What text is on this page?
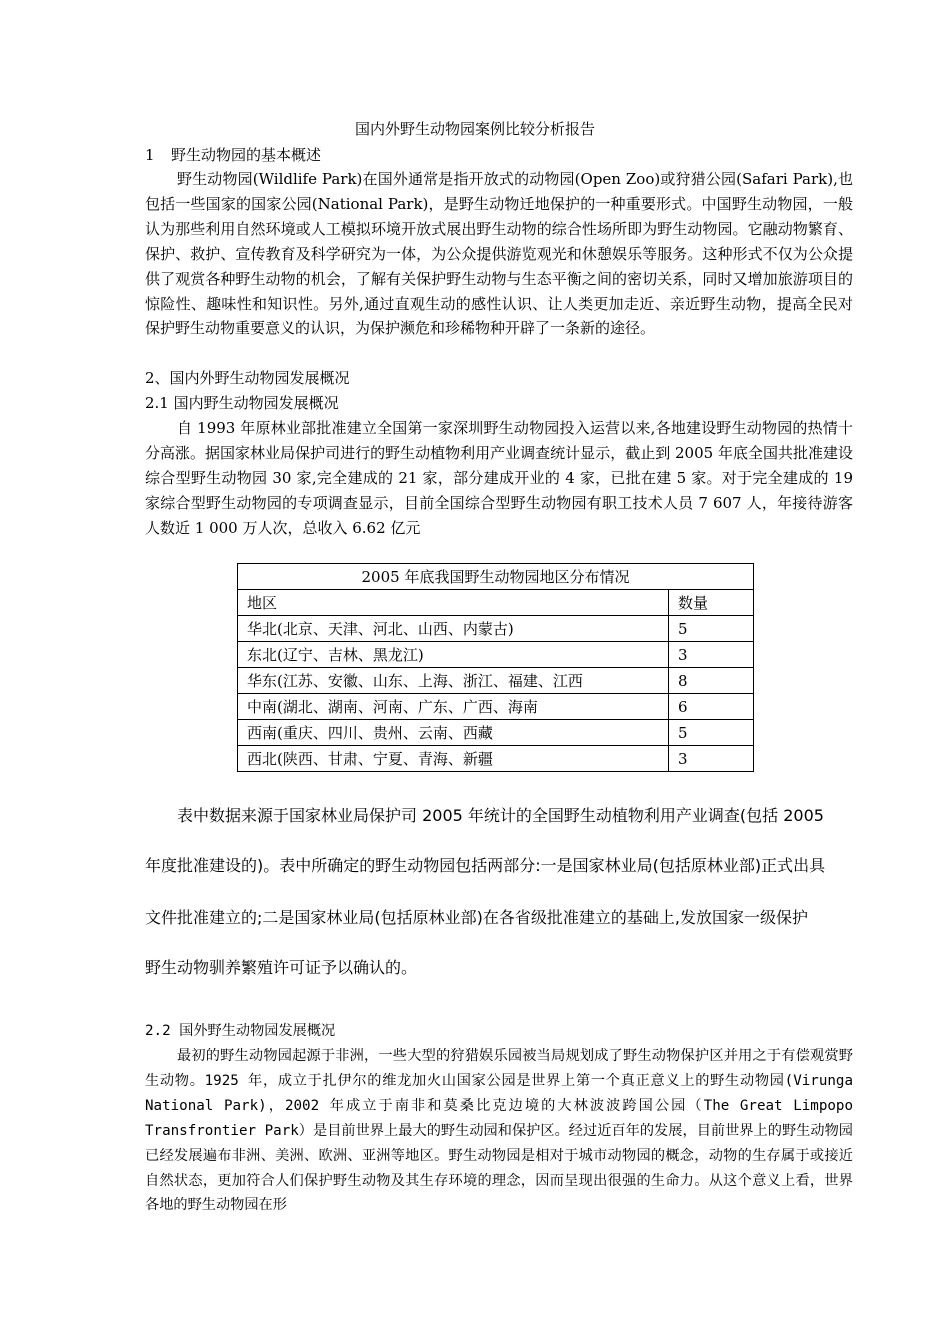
国内外野生动物园案例比较分析报告
1 野生动物园的基本概述
野生动物园(Wildlife Park)在国外通常是指开放式的动物园(Open Zoo)或狩猎公园(Safari Park),也包括一些国家的国家公园(National Park)，是野生动物迁地保护的一种重要形式。中国野生动物园，一般认为那些利用自然环境或人工模拟环境开放式展出野生动物的综合性场所即为野生动物园。它融动物繁育、保护、救护、宣传教育及科学研究为一体，为公众提供游览观光和休憩娱乐等服务。这种形式不仅为公众提供了观赏各种野生动物的机会，了解有关保护野生动物与生态平衡之间的密切关系，同时又增加旅游项目的惊险性、趣味性和知识性。另外,通过直观生动的感性认识、让人类更加走近、亲近野生动物，提高全民对保护野生动物重要意义的认识，为保护濒危和珍稀物种开辟了一条新的途径。
2、国内外野生动物园发展概况
2.1 国内野生动物园发展概况
自 1993 年原林业部批准建立全国第一家深圳野生动物园投入运营以来,各地建设野生动物园的热情十分高涨。据国家林业局保护司进行的野生动植物利用产业调查统计显示，截止到 2005 年底全国共批准建设综合型野生动物园 30 家,完全建成的 21 家，部分建成开业的 4 家，已批在建 5 家。对于完全建成的 19 家综合型野生动物园的专项调查显示，目前全国综合型野生动物园有职工技术人员 7 607 人，年接待游客人数近 1 000 万人次，总收入 6.62 亿元
2005 年底我国野生动物园地区分布情况	
地区	数量
华北(北京、天津、河北、山西、内蒙古)	5
东北(辽宁、吉林、黑龙江)	3
华东(江苏、安徽、山东、上海、浙江、福建、江西	8
中南(湖北、湖南、河南、广东、广西、海南	6
西南(重庆、四川、贵州、云南、西藏	5
西北(陕西、甘肃、宁夏、青海、新疆	3
表中数据来源于国家林业局保护司 2005 年统计的全国野生动植物利用产业调查(包括 2005
年度批准建设的)。表中所确定的野生动物园包括两部分:一是国家林业局(包括原林业部)正式出具
文件批准建立的;二是国家林业局(包括原林业部)在各省级批准建立的基础上,发放国家一级保护
野生动物驯养繁殖许可证予以确认的。
2.2 国外野生动物园发展概况
最初的野生动物园起源于非洲，一些大型的狩猎娱乐园被当局规划成了野生动物保护区并用之于有偿观赏野生动物。1925 年，成立于扎伊尔的维龙加火山国家公园是世界上第一个真正意义上的野生动物园(Virunga National Park)，2002 年成立于南非和莫桑比克边境的大林波波跨国公园（The Great Limpopo Transfrontier Park）是目前世界上最大的野生动园和保护区。经过近百年的发展，目前世界上的野生动物园已经发展遍布非洲、美洲、欧洲、亚洲等地区。野生动物园是相对于城市动物园的概念，动物的生存属于或接近自然状态，更加符合人们保护野生动物及其生存环境的理念，因而呈现出很强的生命力。从这个意义上看，世界各地的野生动物园在形
